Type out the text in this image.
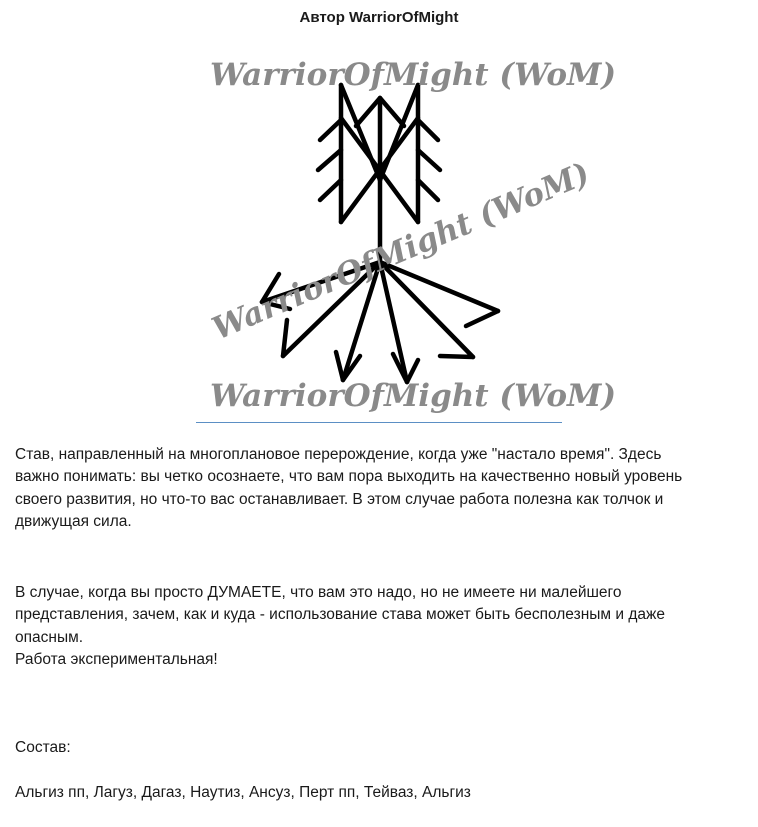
Автор WarriorOfMight
WarriorOfMight (WoM)
WarriorOfMight (WoM)
WarriorOfMight (WoM)

Став, направленный на многоплановое перерождение, когда уже "настало время". Здесь
важно понимать: вы четко осознаете, что вам пора выходить на качественно новый уровень
своего развития, но что-то вас останавливает. В этом случае работа полезна как толчок и
движущая сила.

В случае, когда вы просто ДУМАЕТЕ, что вам это надо, но не имеете ни малейшего
представления, зачем, как и куда - использование става может быть бесполезным и даже
опасным.
Работа экспериментальная!

Состав:

Альгиз пп, Лагуз, Дагаз, Наутиз, Ансуз, Перт пп, Тейваз, Альгиз
